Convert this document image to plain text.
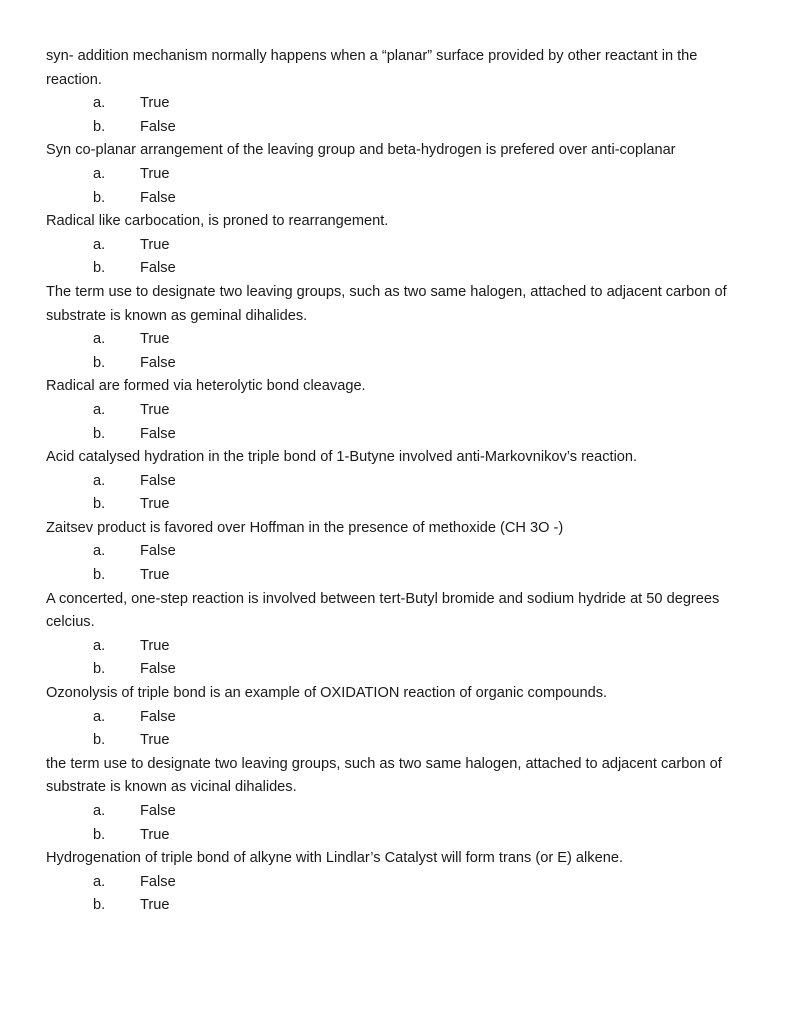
syn- addition mechanism normally happens when a “planar” surface provided by other reactant in the reaction.
a.	True
b.	False
Syn co-planar arrangement of the leaving group and beta-hydrogen is prefered over anti-coplanar
a.	True
b.	False
Radical like carbocation, is proned to rearrangement.
a.	True
b.	False
The term use to designate two leaving groups, such as two same halogen, attached to adjacent carbon of substrate is known as geminal dihalides.
a.	True
b.	False
Radical are formed via heterolytic bond cleavage.
a.	True
b.	False
Acid catalysed hydration in the triple bond of 1-Butyne involved anti-Markovnikov’s reaction.
a.	False
b.	True
Zaitsev product is favored over Hoffman in the presence of methoxide (CH 3O -)
a.	False
b.	True
A concerted, one-step reaction is involved between tert-Butyl bromide and sodium hydride at 50 degrees celcius.
a.	True
b.	False
Ozonolysis of triple bond is an example of OXIDATION reaction of organic compounds.
a.	False
b.	True
the term use to designate two leaving groups, such as two same halogen, attached to adjacent carbon of substrate is known as vicinal dihalides.
a.	False
b.	True
Hydrogenation of triple bond of alkyne with Lindlar’s Catalyst will form trans (or E) alkene.
a.	False
b.	True
